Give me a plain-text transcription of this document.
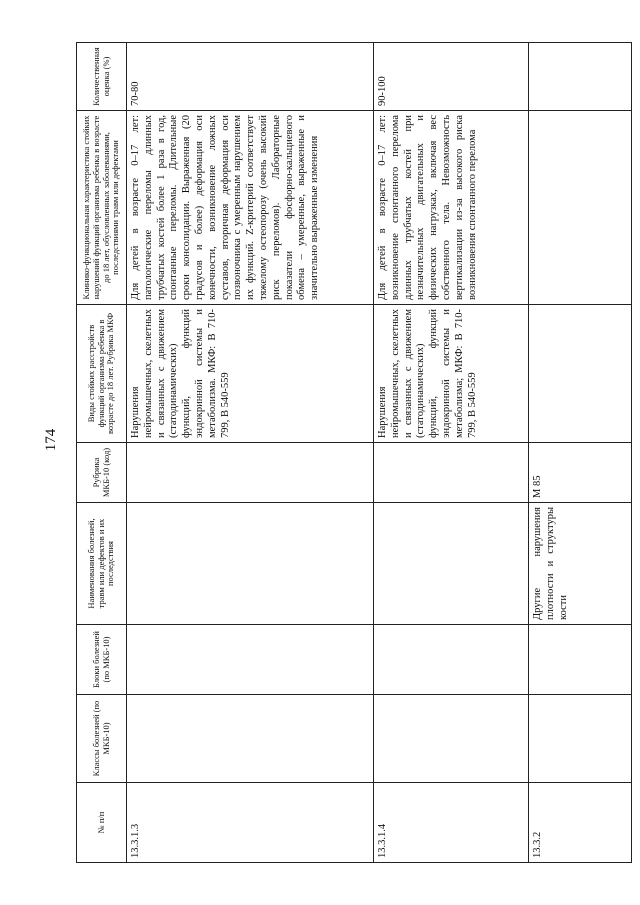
174
№ п/п	Классы болезней (по МКБ-10)	Блоки болезней (по МКБ-10)	Наименования болезней, травм или дефектов и их последствия	Рубрика МКБ-10 (код)	Виды стойких расстройств функций организма ребенка в возрасте до 18 лет. Рубрика МКФ	Клинико-функциональная характеристика стойких нарушений функций организма ребенка в возрасте до 18 лет, обусловленных заболеваниями, последствиями травм или дефектами	Количественная оценка (%)
13.3.1.3					Нарушения нейромышечных, скелетных и связанных с движением (статодинамических) функций, функций эндокринной системы и метаболизма. МКФ: В 710-799, В 540-559	Для детей в возрасте 0–17 лет: патологические переломы длинных трубчатых костей более 1 раза в год, спонтанные переломы. Длительные сроки консолидации. Выраженная (20 градусов и более) деформация оси конечности, возникновение ложных суставов, вторичная деформация оси позвоночника с умеренным нарушением их функций. Z-критерий соответствует тяжелому остеопорозу (очень высокий риск переломов). Лабораторные показатели фосфорно-кальциевого обмена – умеренные, выраженные и значительно выраженные изменения	70-80
13.3.1.4					Нарушения нейромышечных, скелетных и связанных с движением (статодинамических) функций, функций эндокринной системы и метаболизма; МКФ: В 710-799, В 540-559	Для детей в возрасте 0–17 лет: возникновение спонтанного перелома длинных трубчатых костей при незначительных двигательных и физических нагрузках, включая вес собственного тела. Невозможность вертикализации из-за высокого риска возникновения спонтанного перелома	90-100
13.3.2			Другие нарушения плотности и структуры кости	М 85			
